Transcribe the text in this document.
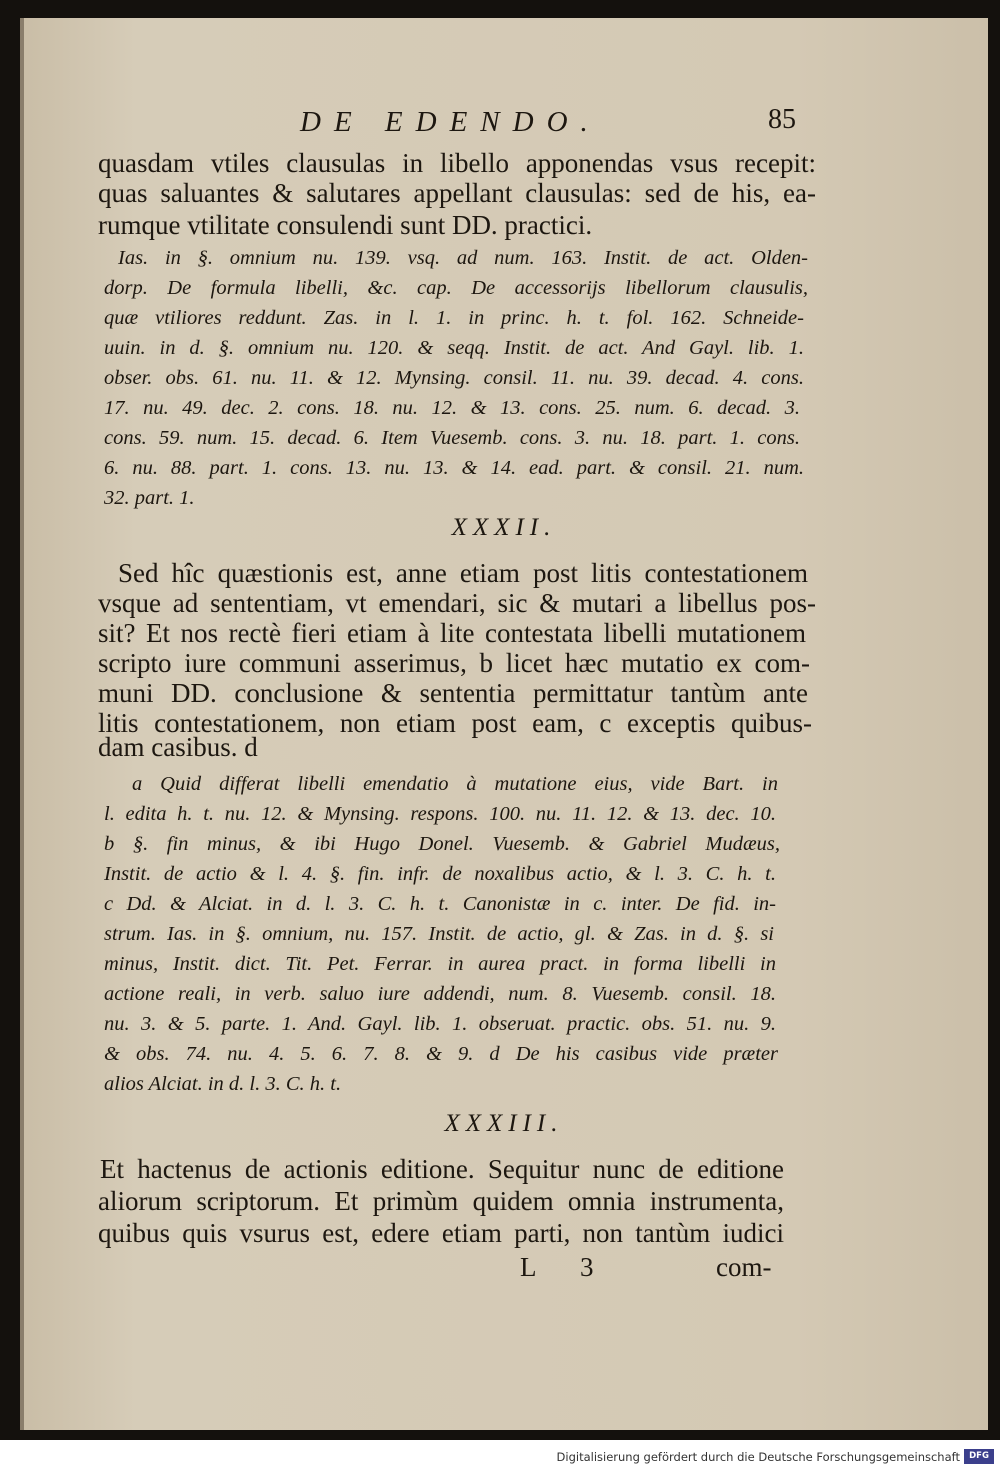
DE EDENDO.	85
quasdam vtiles clausulas in libello apponendas vsus recepit:
quas saluantes & salutares appellant clausulas: sed de his, ea-
rumque vtilitate consulendi sunt DD. practici.
Ias. in §. omnium nu. 139. vsq. ad num. 163. Instit. de act. Olden-
dorp. De formula libelli, &c. cap. De accessorijs libellorum clausulis,
quæ vtiliores reddunt. Zas. in l. 1. in princ. h. t. fol. 162. Schneide-
uuin. in d. §. omnium nu. 120. & seqq. Instit. de act. And Gayl. lib. 1.
obser. obs. 61. nu. 11. & 12. Mynsing. consil. 11. nu. 39. decad. 4. cons.
17. nu. 49. dec. 2. cons. 18. nu. 12. & 13. cons. 25. num. 6. decad. 3.
cons. 59. num. 15. decad. 6. Item Vuesemb. cons. 3. nu. 18. part. 1. cons.
6. nu. 88. part. 1. cons. 13. nu. 13. & 14. ead. part. & consil. 21. num.
32. part. 1.
XXXII.
Sed hîc quæstionis est, anne etiam post litis contestationem
vsque ad sententiam, vt emendari, sic & mutari a libellus pos-
sit? Et nos rectè fieri etiam à lite contestata libelli mutationem
scripto iure communi asserimus, b licet hæc mutatio ex com-
muni DD. conclusione & sententia permittatur tantùm ante
litis contestationem, non etiam post eam, c exceptis quibus-
dam casibus. d
a Quid differat libelli emendatio à mutatione eius, vide Bart. in
l. edita h. t. nu. 12. & Mynsing. respons. 100. nu. 11. 12. & 13. dec. 10.
b §. fin minus, & ibi Hugo Donel. Vuesemb. & Gabriel Mudæus,
Instit. de actio & l. 4. §. fin. infr. de noxalibus actio, & l. 3. C. h. t.
c Dd. & Alciat. in d. l. 3. C. h. t. Canonistæ in c. inter. De fid. in-
strum. Ias. in §. omnium, nu. 157. Instit. de actio, gl. & Zas. in d. §. si
minus, Instit. dict. Tit. Pet. Ferrar. in aurea pract. in forma libelli in
actione reali, in verb. saluo iure addendi, num. 8. Vuesemb. consil. 18.
nu. 3. & 5. parte. 1. And. Gayl. lib. 1. obseruat. practic. obs. 51. nu. 9.
& obs. 74. nu. 4. 5. 6. 7. 8. & 9. d De his casibus vide præter
alios Alciat. in d. l. 3. C. h. t.
XXXIII.
Et hactenus de actionis editione. Sequitur nunc de editione
aliorum scriptorum. Et primùm quidem omnia instrumenta,
quibus quis vsurus est, edere etiam parti, non tantùm iudici
L 3	com-
Digitalisierung gefördert durch die Deutsche Forschungsgemeinschaft	DFG
